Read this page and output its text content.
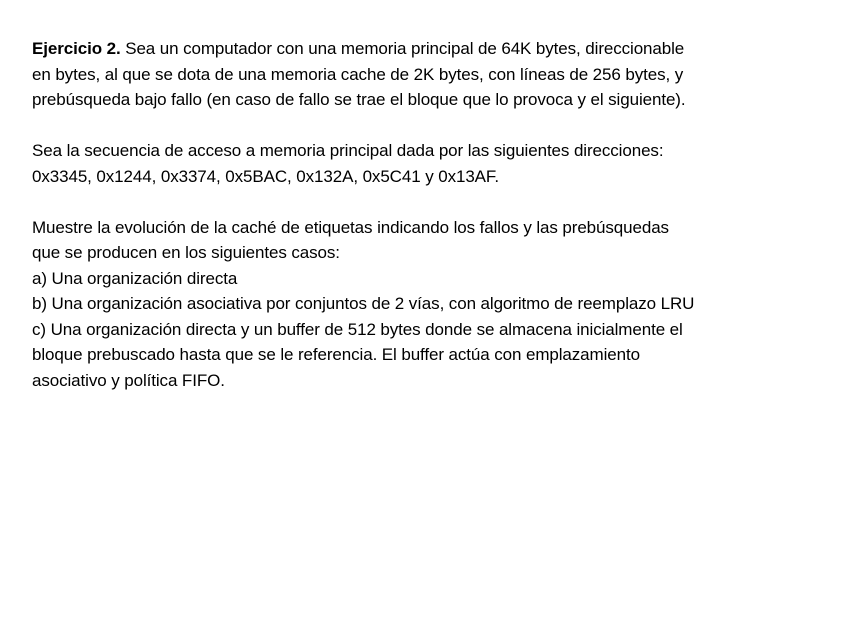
Ejercicio 2. Sea un computador con una memoria principal de 64K bytes, direccionable
en bytes, al que se dota de una memoria cache de 2K bytes, con líneas de 256 bytes, y
prebúsqueda bajo fallo (en caso de fallo se trae el bloque que lo provoca y el siguiente).

Sea la secuencia de acceso a memoria principal dada por las siguientes direcciones:
0x3345, 0x1244, 0x3374, 0x5BAC, 0x132A, 0x5C41 y 0x13AF.

Muestre la evolución de la caché de etiquetas indicando los fallos y las prebúsquedas
que se producen en los siguientes casos:
a) Una organización directa
b) Una organización asociativa por conjuntos de 2 vías, con algoritmo de reemplazo LRU
c) Una organización directa y un buffer de 512 bytes donde se almacena inicialmente el
bloque prebuscado hasta que se le referencia. El buffer actúa con emplazamiento
asociativo y política FIFO.
